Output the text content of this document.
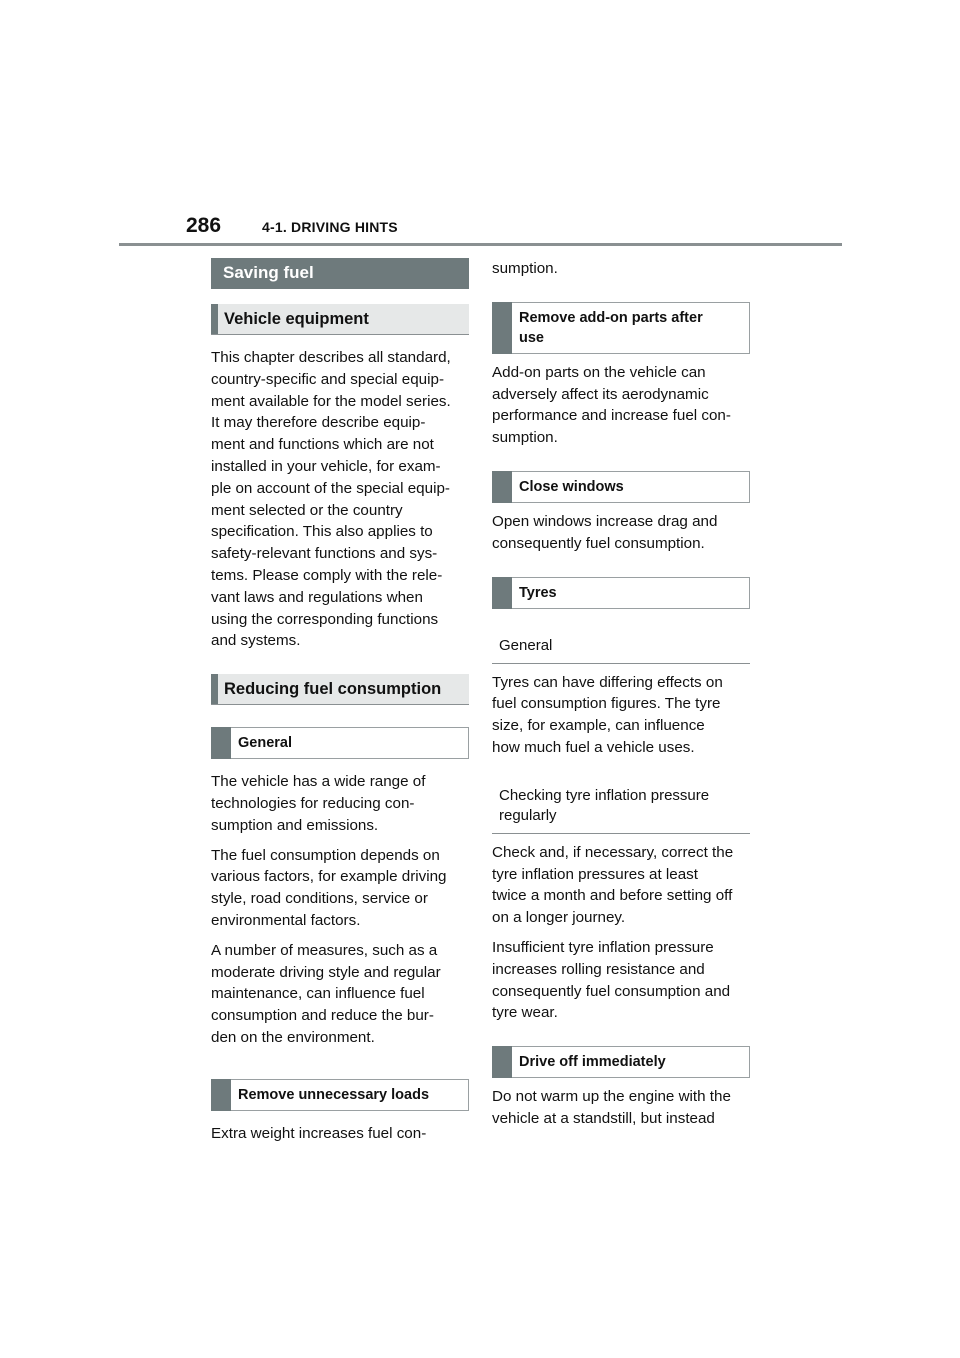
286	4-1. DRIVING HINTS
Saving fuel
Vehicle equipment

This chapter describes all standard,
country-specific and special equip-
ment available for the model series.
It may therefore describe equip-
ment and functions which are not
installed in your vehicle, for exam-
ple on account of the special equip-
ment selected or the country
specification. This also applies to
safety-relevant functions and sys-
tems. Please comply with the rele-
vant laws and regulations when
using the corresponding functions
and systems.

Reducing fuel consumption
General

The vehicle has a wide range of
technologies for reducing con-
sumption and emissions.

The fuel consumption depends on
various factors, for example driving
style, road conditions, service or
environmental factors.

A number of measures, such as a
moderate driving style and regular
maintenance, can influence fuel
consumption and reduce the bur-
den on the environment.

Remove unnecessary loads

Extra weight increases fuel con-

sumption.

Remove add-on parts after
use

Add-on parts on the vehicle can
adversely affect its aerodynamic
performance and increase fuel con-
sumption.

Close windows

Open windows increase drag and
consequently fuel consumption.

Tyres
General

Tyres can have differing effects on
fuel consumption figures. The tyre
size, for example, can influence
how much fuel a vehicle uses.

Checking tyre inflation pressure
regularly

Check and, if necessary, correct the
tyre inflation pressures at least
twice a month and before setting off
on a longer journey.

Insufficient tyre inflation pressure
increases rolling resistance and
consequently fuel consumption and
tyre wear.

Drive off immediately

Do not warm up the engine with the
vehicle at a standstill, but instead
